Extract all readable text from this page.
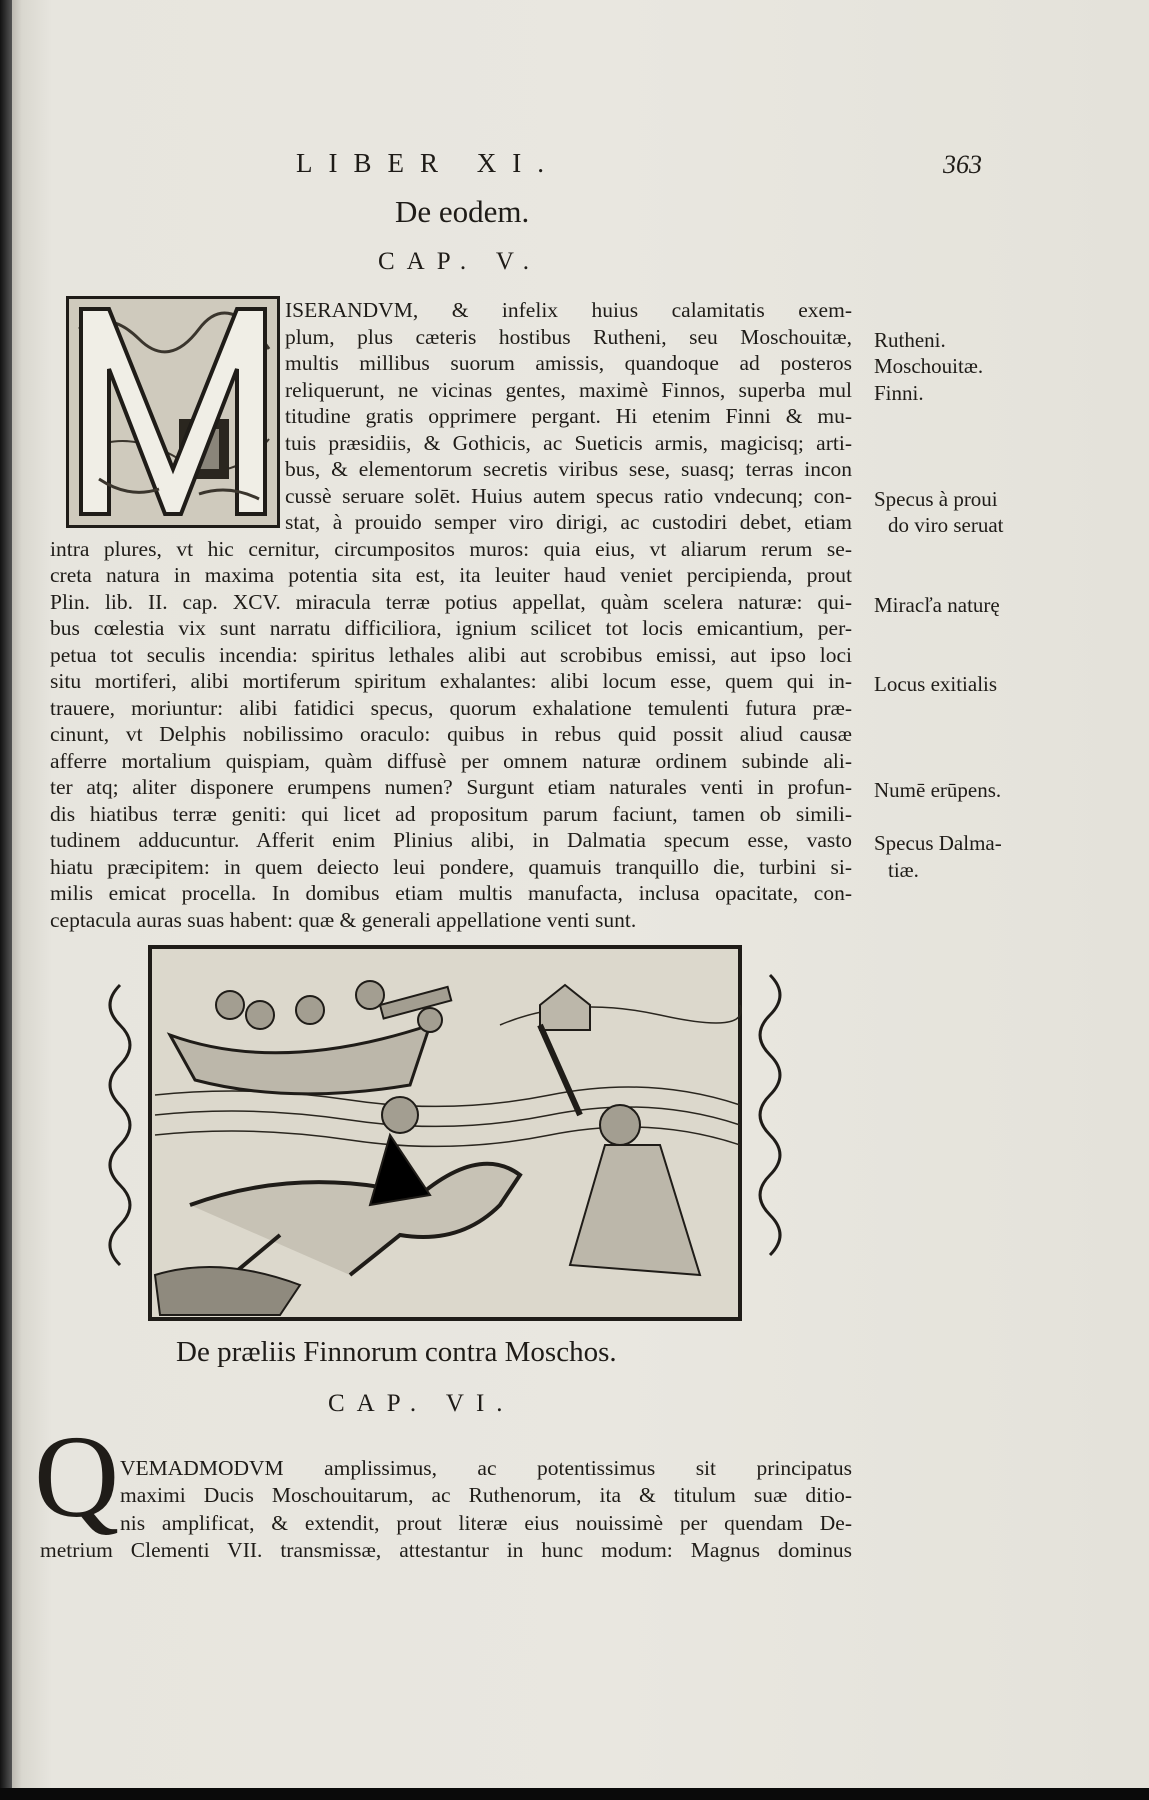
LIBER XI.	363
De eodem.
CAP. V.
ISERANDVM, & infelix huius calamitatis exem-
plum, plus cæteris hostibus Rutheni, seu Moschouitæ,
multis millibus suorum amissis, quandoque ad posteros
reliquerunt, ne vicinas gentes, maximè Finnos, superba mul
titudine gratis opprimere pergant. Hi etenim Finni & mu-
tuis præsidiis, & Gothicis, ac Sueticis armis, magicisq; arti-
bus, & elementorum secretis viribus sese, suasq; terras incon
cussè seruare solēt. Huius autem specus ratio vndecunq; con-
stat, à prouido semper viro dirigi, ac custodiri debet, etiam
intra plures, vt hic cernitur, circumpositos muros: quia eius, vt aliarum rerum se-
creta natura in maxima potentia sita est, ita leuiter haud veniet percipienda, prout
Plin. lib. II. cap. XCV. miracula terræ potius appellat, quàm scelera naturæ: qui-
bus cœlestia vix sunt narratu difficiliora, ignium scilicet tot locis emicantium, per-
petua tot seculis incendia: spiritus lethales alibi aut scrobibus emissi, aut ipso loci
situ mortiferi, alibi mortiferum spiritum exhalantes: alibi locum esse, quem qui in-
trauere, moriuntur: alibi fatidici specus, quorum exhalatione temulenti futura præ-
cinunt, vt Delphis nobilissimo oraculo: quibus in rebus quid possit aliud causæ
afferre mortalium quispiam, quàm diffusè per omnem naturæ ordinem subinde ali-
ter atq; aliter disponere erumpens numen? Surgunt etiam naturales venti in profun-
dis hiatibus terræ geniti: qui licet ad propositum parum faciunt, tamen ob simili-
tudinem adducuntur. Afferit enim Plinius alibi, in Dalmatia specum esse, vasto
hiatu præcipitem: in quem deiecto leui pondere, quamuis tranquillo die, turbini si-
milis emicat procella. In domibus etiam multis manufacta, inclusa opacitate, con-
ceptacula auras suas habent: quæ & generali appellatione venti sunt.
Rutheni.
Moschouitæ.
Finni.
Specus à proui
do viro seruat
Miracľa naturę
Locus exitialis
Numē erūpens.
Specus Dalma-
tiæ.
De præliis Finnorum contra Moschos.
CAP. VI.
Q VEMADMODVM amplissimus, ac potentissimus sit principatus
maximi Ducis Moschouitarum, ac Ruthenorum, ita & titulum suæ ditio-
nis amplificat, & extendit, prout literæ eius nouissimè per quendam De-
metrium Clementi VII. transmissæ, attestantur in hunc modum: Magnus dominus
